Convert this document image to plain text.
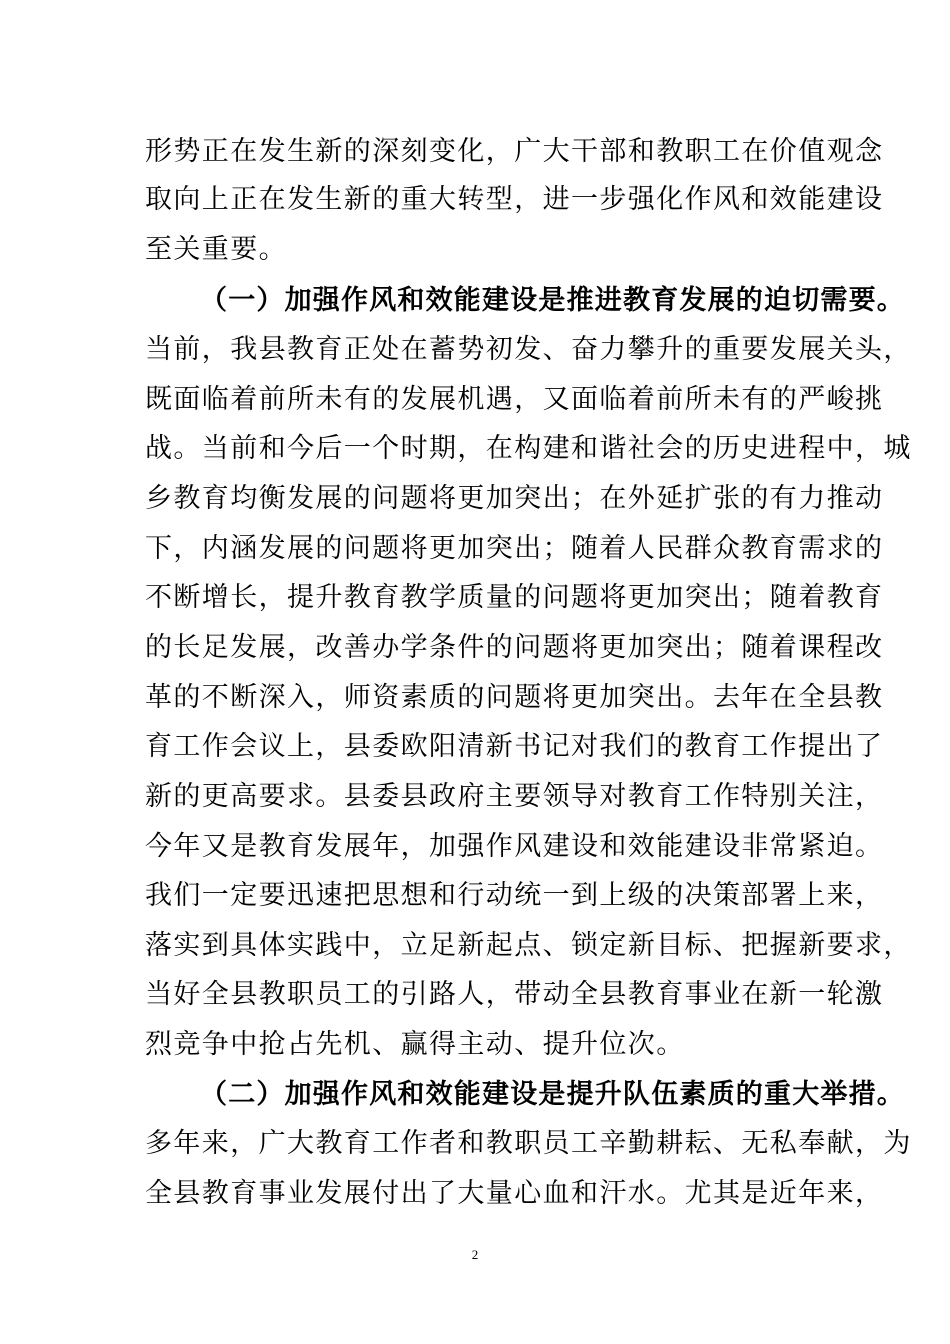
形势正在发生新的深刻变化，广大干部和教职工在价值观念
取向上正在发生新的重大转型，进一步强化作风和效能建设
至关重要。
（一）加强作风和效能建设是推进教育发展的迫切需要。
当前，我县教育正处在蓄势初发、奋力攀升的重要发展关头，
既面临着前所未有的发展机遇，又面临着前所未有的严峻挑
战。当前和今后一个时期，在构建和谐社会的历史进程中，城
乡教育均衡发展的问题将更加突出；在外延扩张的有力推动
下，内涵发展的问题将更加突出；随着人民群众教育需求的
不断增长，提升教育教学质量的问题将更加突出；随着教育
的长足发展，改善办学条件的问题将更加突出；随着课程改
革的不断深入，师资素质的问题将更加突出。去年在全县教
育工作会议上，县委欧阳清新书记对我们的教育工作提出了
新的更高要求。县委县政府主要领导对教育工作特别关注，
今年又是教育发展年，加强作风建设和效能建设非常紧迫。
我们一定要迅速把思想和行动统一到上级的决策部署上来，
落实到具体实践中，立足新起点、锁定新目标、把握新要求，
当好全县教职员工的引路人，带动全县教育事业在新一轮激
烈竞争中抢占先机、赢得主动、提升位次。
（二）加强作风和效能建设是提升队伍素质的重大举措。
多年来，广大教育工作者和教职员工辛勤耕耘、无私奉献，为
全县教育事业发展付出了大量心血和汗水。尤其是近年来，
2
